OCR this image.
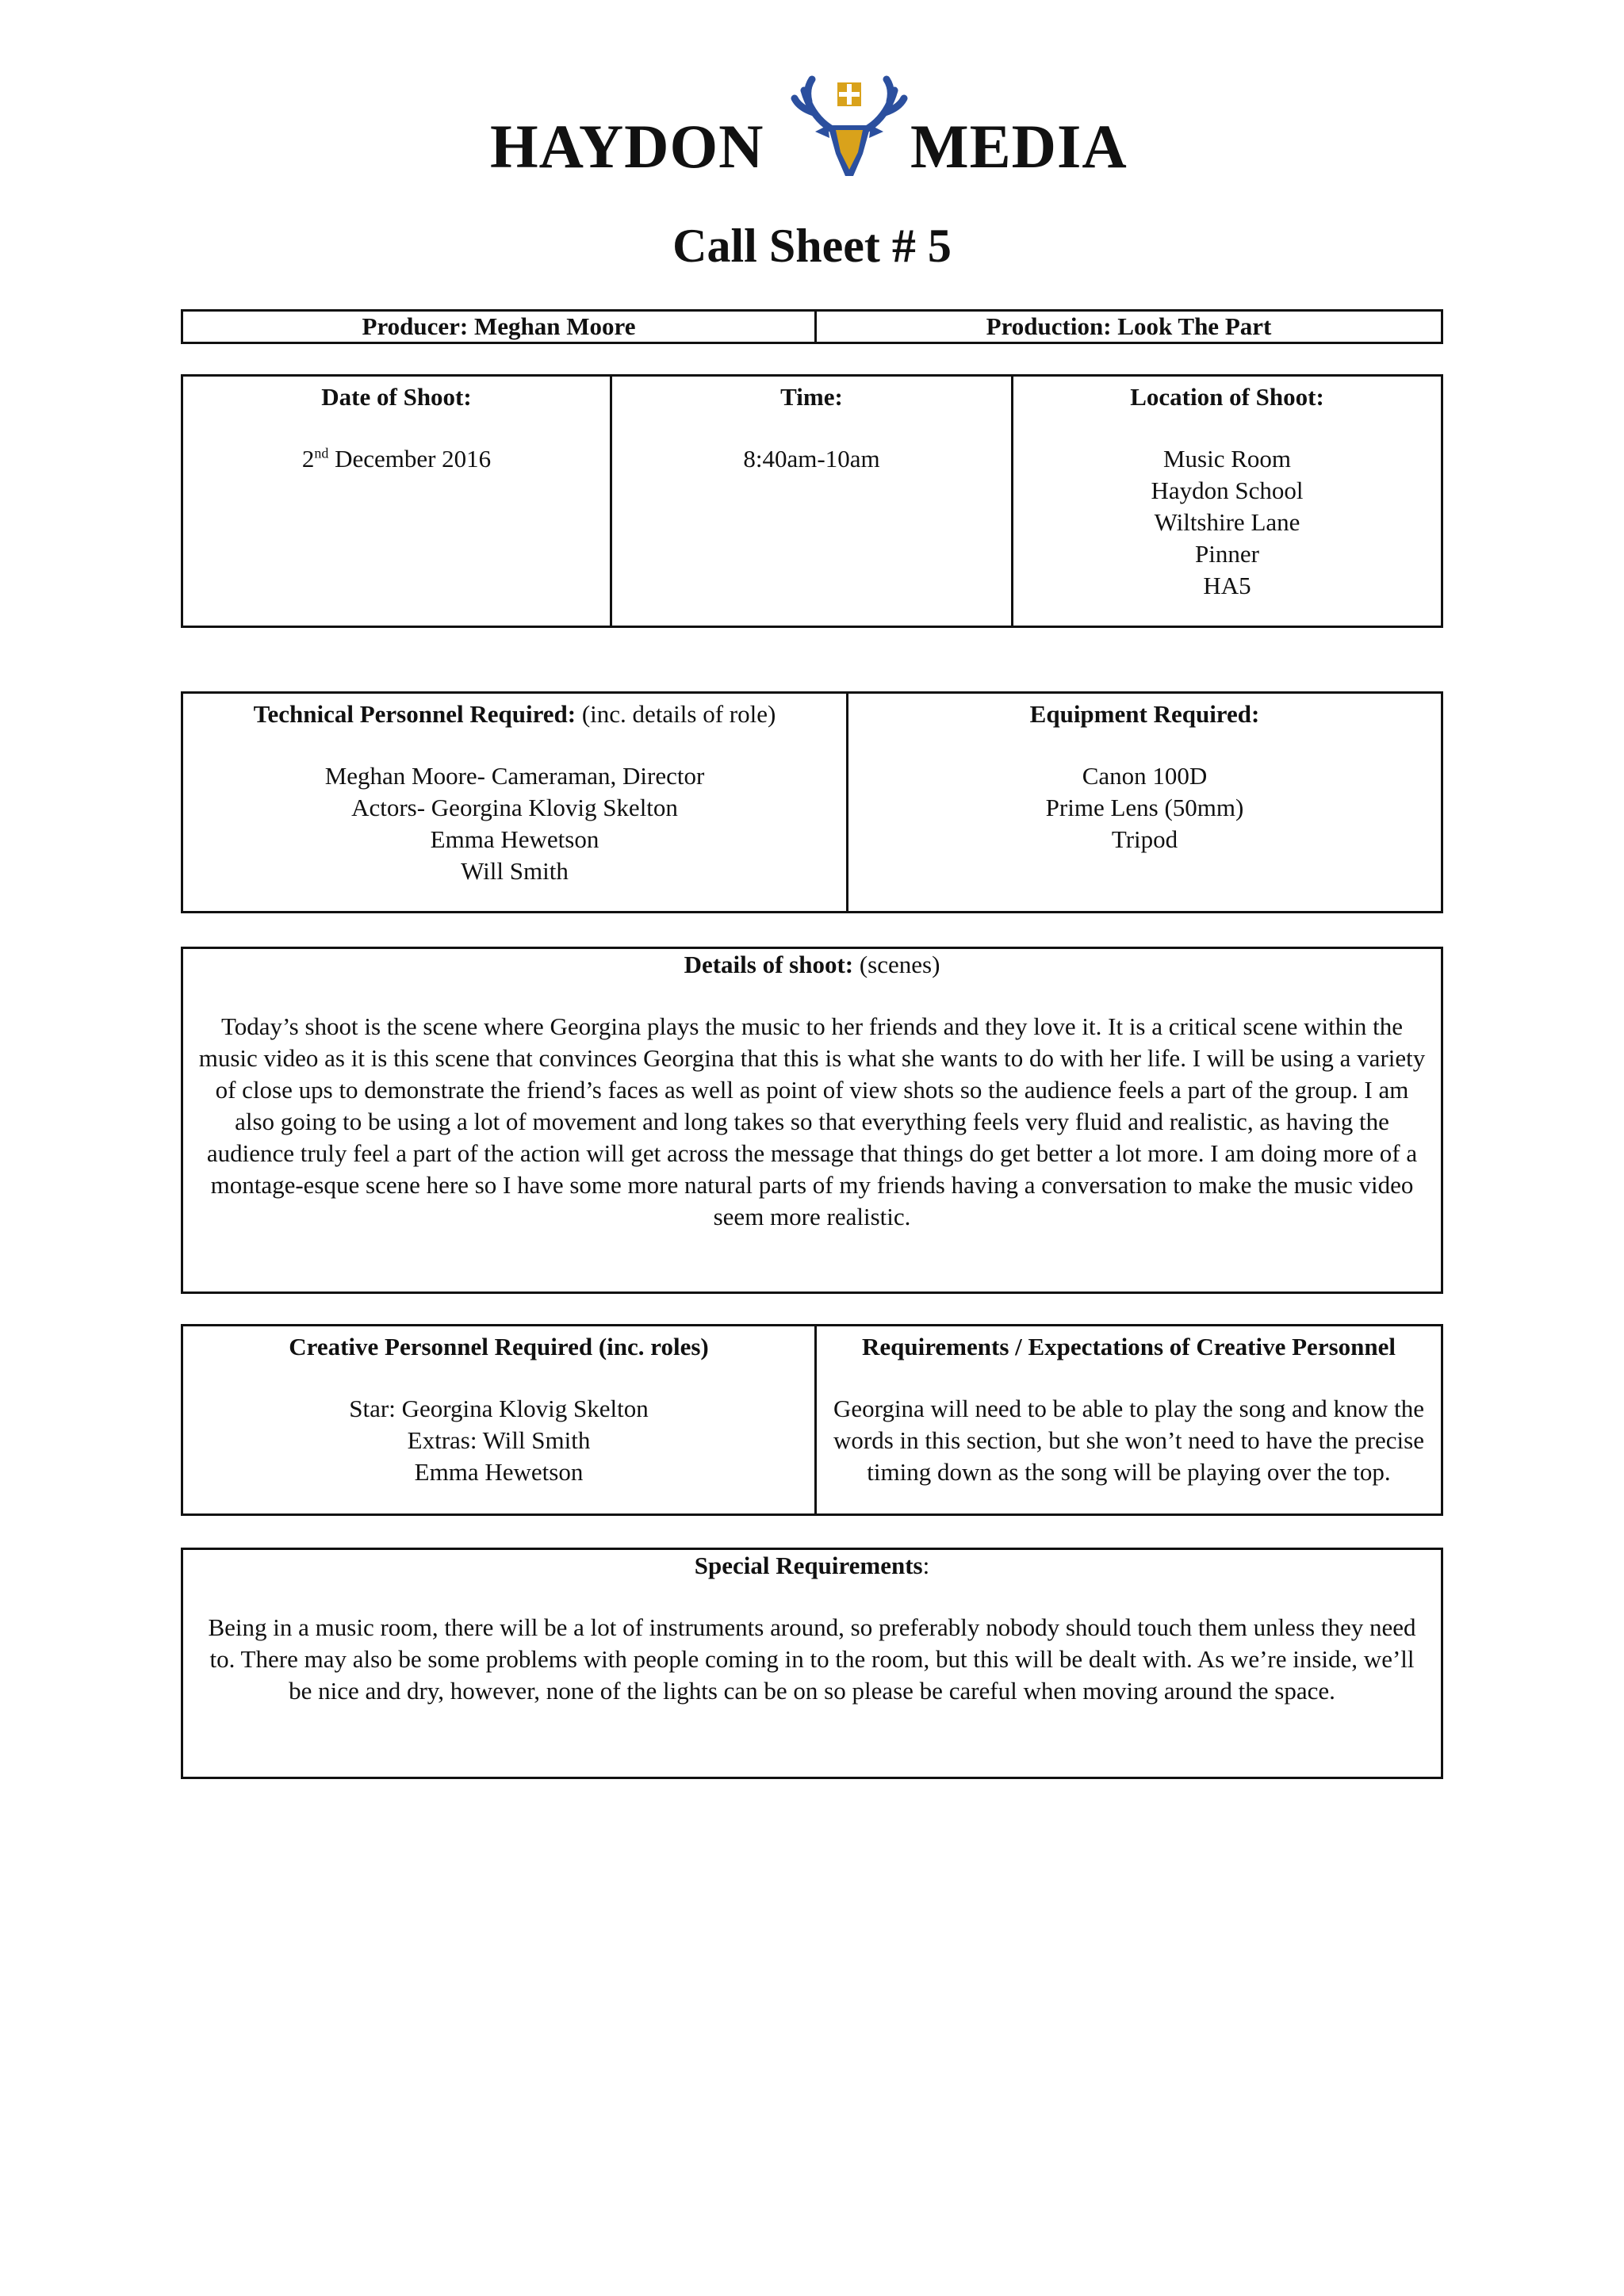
HAYDON MEDIA
Call Sheet # 5
Producer: Meghan Moore	Production: Look The Part
Date of Shoot:
2nd December 2016
Time:
8:40am-10am
Location of Shoot:
Music Room
Haydon School
Wiltshire Lane
Pinner
HA5
Technical Personnel Required: (inc. details of role)
Meghan Moore- Cameraman, Director
Actors- Georgina Klovig Skelton
Emma Hewetson
Will Smith
Equipment Required:
Canon 100D
Prime Lens (50mm)
Tripod
Details of shoot: (scenes)
Today’s shoot is the scene where Georgina plays the music to her friends and they love it. It is a critical scene within the music video as it is this scene that convinces Georgina that this is what she wants to do with her life. I will be using a variety of close ups to demonstrate the friend’s faces as well as point of view shots so the audience feels a part of the group. I am also going to be using a lot of movement and long takes so that everything feels very fluid and realistic, as having the audience truly feel a part of the action will get across the message that things do get better a lot more. I am doing more of a montage-esque scene here so I have some more natural parts of my friends having a conversation to make the music video seem more realistic.
Creative Personnel Required (inc. roles)
Star: Georgina Klovig Skelton
Extras: Will Smith
Emma Hewetson
Requirements / Expectations of Creative Personnel
Georgina will need to be able to play the song and know the words in this section, but she won’t need to have the precise timing down as the song will be playing over the top.
Special Requirements:
Being in a music room, there will be a lot of instruments around, so preferably nobody should touch them unless they need to. There may also be some problems with people coming in to the room, but this will be dealt with. As we’re inside, we’ll be nice and dry, however, none of the lights can be on so please be careful when moving around the space.
